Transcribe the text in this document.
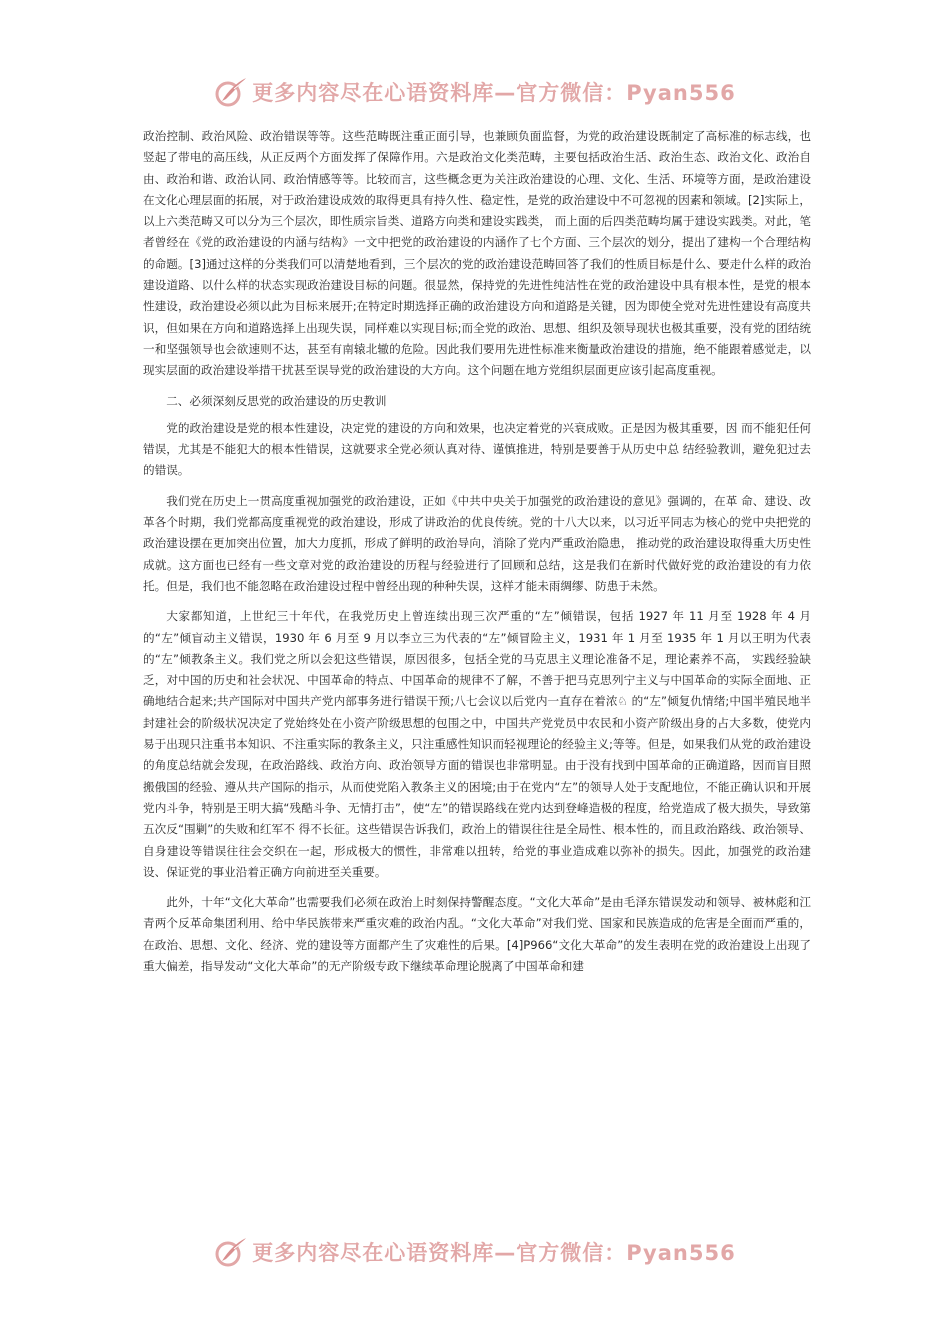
更多内容尽在心语资料库—官方微信：Pyan556

政治控制、政治风险、政治错误等等。这些范畴既注重正面引导，也兼顾负面监督，为党的政治建设既制定了高标准的标志线，也竖起了带电的高压线，从正反两个方面发挥了保障作用。六是政治文化类范畴，主要包括政治生活、政治生态、政治文化、政治自由、政治和谐、政治认同、政治情感等等。比较而言，这些概念更为关注政治建设的心理、文化、生活、环境等方面，是政治建设在文化心理层面的拓展，对于政治建设成效的取得更具有持久性、稳定性，是党的政治建设中不可忽视的因素和领域。[2]实际上，以上六类范畴又可以分为三个层次，即性质宗旨类、道路方向类和建设实践类， 而上面的后四类范畴均属于建设实践类。对此，笔者曾经在《党的政治建设的内涵与结构》一文中把党的政治建设的内涵作了七个方面、三个层次的划分，提出了建构一个合理结构的命题。[3]通过这样的分类我们可以清楚地看到，三个层次的党的政治建设范畴回答了我们的性质目标是什么、要走什么样的政治建设道路、以什么样的状态实现政治建设目标的问题。很显然，保持党的先进性纯洁性在党的政治建设中具有根本性，是党的根本性建设，政治建设必须以此为目标来展开;在特定时期选择正确的政治建设方向和道路是关键，因为即使全党对先进性建设有高度共识，但如果在方向和道路选择上出现失误，同样难以实现目标;而全党的政治、思想、组织及领导现状也极其重要，没有党的团结统一和坚强领导也会欲速则不达，甚至有南辕北辙的危险。因此我们要用先进性标准来衡量政治建设的措施，绝不能跟着感觉走，以现实层面的政治建设举措干扰甚至误导党的政治建设的大方向。这个问题在地方党组织层面更应该引起高度重视。

二、必须深刻反思党的政治建设的历史教训

党的政治建设是党的根本性建设，决定党的建设的方向和效果，也决定着党的兴衰成败。正是因为极其重要，因 而不能犯任何错误，尤其是不能犯大的根本性错误，这就要求全党必须认真对待、谨慎推进，特别是要善于从历史中总 结经验教训，避免犯过去的错误。

我们党在历史上一贯高度重视加强党的政治建设，正如《中共中央关于加强党的政治建设的意见》强调的，在革 命、建设、改革各个时期，我们党都高度重视党的政治建设，形成了讲政治的优良传统。党的十八大以来，以习近平同志为核心的党中央把党的政治建设摆在更加突出位置，加大力度抓，形成了鲜明的政治导向，消除了党内严重政治隐患， 推动党的政治建设取得重大历史性成就。这方面也已经有一些文章对党的政治建设的历程与经验进行了回顾和总结，这是我们在新时代做好党的政治建设的有力依托。但是，我们也不能忽略在政治建设过程中曾经出现的种种失误，这样才能未雨绸缪、防患于未然。

大家都知道，上世纪三十年代，在我党历史上曾连续出现三次严重的“左”倾错误，包括 1927 年 11 月至 1928 年 4 月的“左”倾盲动主义错误，1930 年 6 月至 9 月以李立三为代表的“左”倾冒险主义，1931 年 1 月至 1935 年 1 月以王明为代表的“左”倾教条主义。我们党之所以会犯这些错误，原因很多，包括全党的马克思主义理论准备不足，理论素养不高， 实践经验缺乏，对中国的历史和社会状况、中国革命的特点、中国革命的规律不了解，不善于把马克思列宁主义与中国革命的实际全面地、正确地结合起来;共产国际对中国共产党内部事务进行错误干预;八七会议以后党内一直存在着浓♘ 的“左”倾复仇情绪;中国半殖民地半封建社会的阶级状况决定了党始终处在小资产阶级思想的包围之中，中国共产党党员中农民和小资产阶级出身的占大多数，使党内易于出现只注重书本知识、不注重实际的教条主义，只注重感性知识而轻视理论的经验主义;等等。但是，如果我们从党的政治建设的角度总结就会发现，在政治路线、政治方向、政治领导方面的错误也非常明显。由于没有找到中国革命的正确道路，因而盲目照搬俄国的经验、遵从共产国际的指示，从而使党陷入教条主义的困境;由于在党内“左”的领导人处于支配地位，不能正确认识和开展党内斗争，特别是王明大搞“残酷斗争、无情打击”，使“左”的错误路线在党内达到登峰造极的程度，给党造成了极大损失，导致第五次反“围剿”的失败和红军不 得不长征。这些错误告诉我们，政治上的错误往往是全局性、根本性的，而且政治路线、政治领导、自身建设等错误往往会交织在一起，形成极大的惯性，非常难以扭转，给党的事业造成难以弥补的损失。因此，加强党的政治建设、保证党的事业沿着正确方向前进至关重要。

此外，十年“文化大革命”也需要我们必须在政治上时刻保持警醒态度。“文化大革命”是由毛泽东错误发动和领导、被林彪和江青两个反革命集团利用、给中华民族带来严重灾难的政治内乱。“文化大革命”对我们党、国家和民族造成的危害是全面而严重的，在政治、思想、文化、经济、党的建设等方面都产生了灾难性的后果。[4]P966“文化大革命”的发生表明在党的政治建设上出现了重大偏差，指导发动“文化大革命”的无产阶级专政下继续革命理论脱离了中国革命和建

更多内容尽在心语资料库—官方微信：Pyan556
